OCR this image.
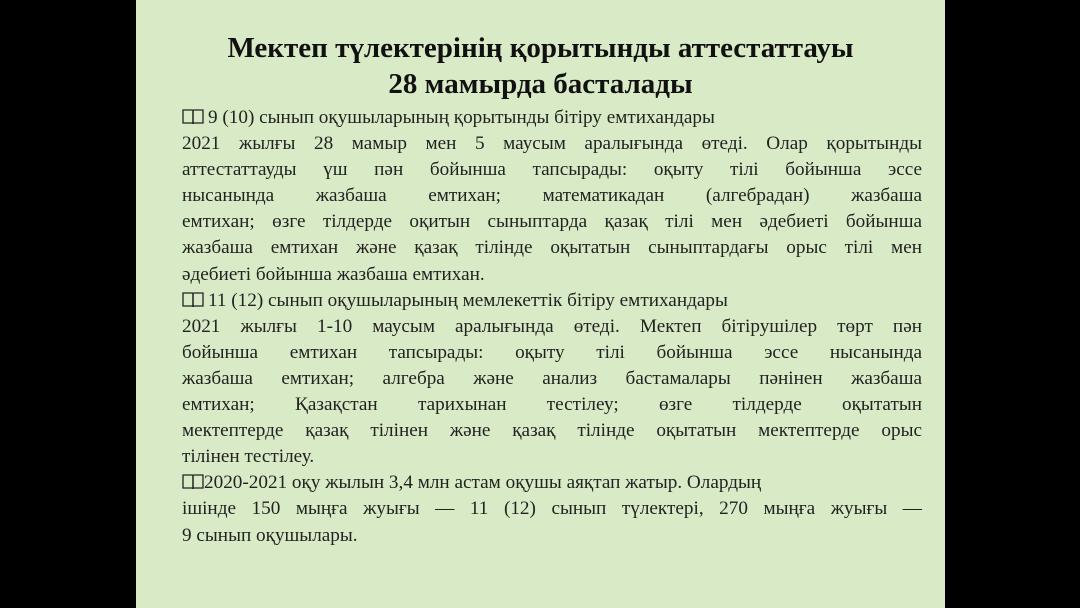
Мектеп түлектерінің қорытынды аттестаттауы
28 мамырда басталады
9 (10) сынып оқушыларының қорытынды бітіру емтихандары
2021 жылғы 28 мамыр мен 5 маусым аралығында өтеді. Олар қорытынды
аттестаттауды үш пән бойынша тапсырады: оқыту тілі бойынша эссе
нысанында жазбаша емтихан; математикадан (алгебрадан) жазбаша
емтихан; өзге тілдерде оқитын сыныптарда қазақ тілі мен әдебиеті бойынша
жазбаша емтихан және қазақ тілінде оқытатын сыныптардағы орыс тілі мен
әдебиеті бойынша жазбаша емтихан.
11 (12) сынып оқушыларының мемлекеттік бітіру емтихандары
2021 жылғы 1-10 маусым аралығында өтеді. Мектеп бітірушілер төрт пән
бойынша емтихан тапсырады: оқыту тілі бойынша эссе нысанында
жазбаша емтихан; алгебра және анализ бастамалары пәнінен жазбаша
емтихан; Қазақстан тарихынан тестілеу; өзге тілдерде оқытатын
мектептерде қазақ тілінен және қазақ тілінде оқытатын мектептерде орыс
тілінен тестілеу.
2020-2021 оқу жылын 3,4 млн астам оқушы аяқтап жатыр. Олардың
ішінде 150 мыңға жуығы — 11 (12) сынып түлектері, 270 мыңға жуығы —
9 сынып оқушылары.
